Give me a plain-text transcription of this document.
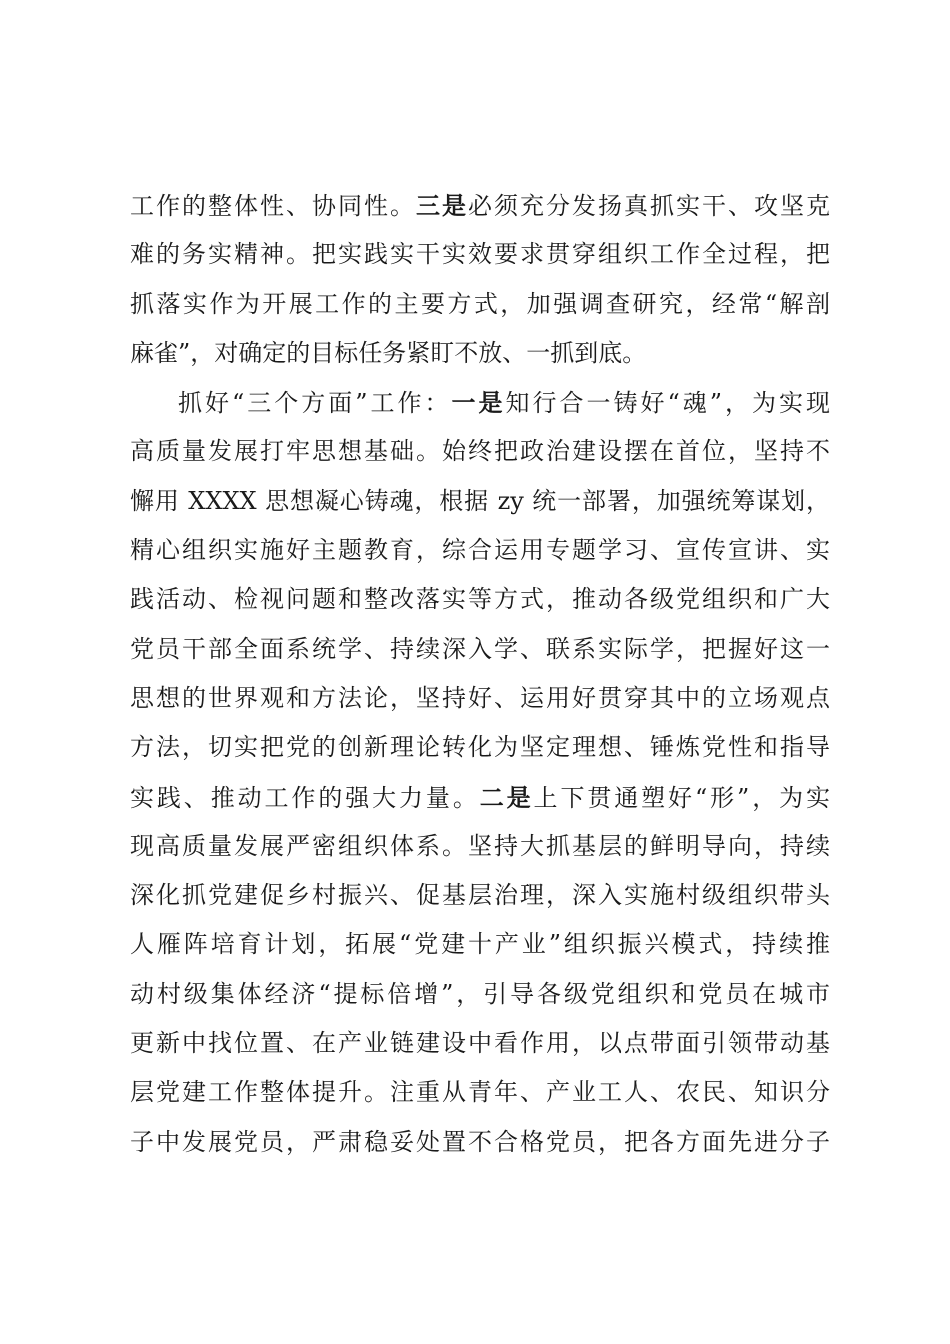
工作的整体性、协同性。三是必须充分发扬真抓实干、攻坚克
难的务实精神。把实践实干实效要求贯穿组织工作全过程，把
抓落实作为开展工作的主要方式，加强调查研究，经常“解剖
麻雀”，对确定的目标任务紧盯不放、一抓到底。
抓好“三个方面”工作：一是知行合一铸好“魂”，为实现
高质量发展打牢思想基础。始终把政治建设摆在首位，坚持不
懈用 XXXX 思想凝心铸魂，根据 zy 统一部署，加强统筹谋划，
精心组织实施好主题教育，综合运用专题学习、宣传宣讲、实
践活动、检视问题和整改落实等方式，推动各级党组织和广大
党员干部全面系统学、持续深入学、联系实际学，把握好这一
思想的世界观和方法论，坚持好、运用好贯穿其中的立场观点
方法，切实把党的创新理论转化为坚定理想、锤炼党性和指导
实践、推动工作的强大力量。二是上下贯通塑好“形”，为实
现高质量发展严密组织体系。坚持大抓基层的鲜明导向，持续
深化抓党建促乡村振兴、促基层治理，深入实施村级组织带头
人雁阵培育计划，拓展“党建十产业”组织振兴模式，持续推
动村级集体经济“提标倍增”，引导各级党组织和党员在城市
更新中找位置、在产业链建设中看作用，以点带面引领带动基
层党建工作整体提升。注重从青年、产业工人、农民、知识分
子中发展党员，严肃稳妥处置不合格党员，把各方面先进分子
